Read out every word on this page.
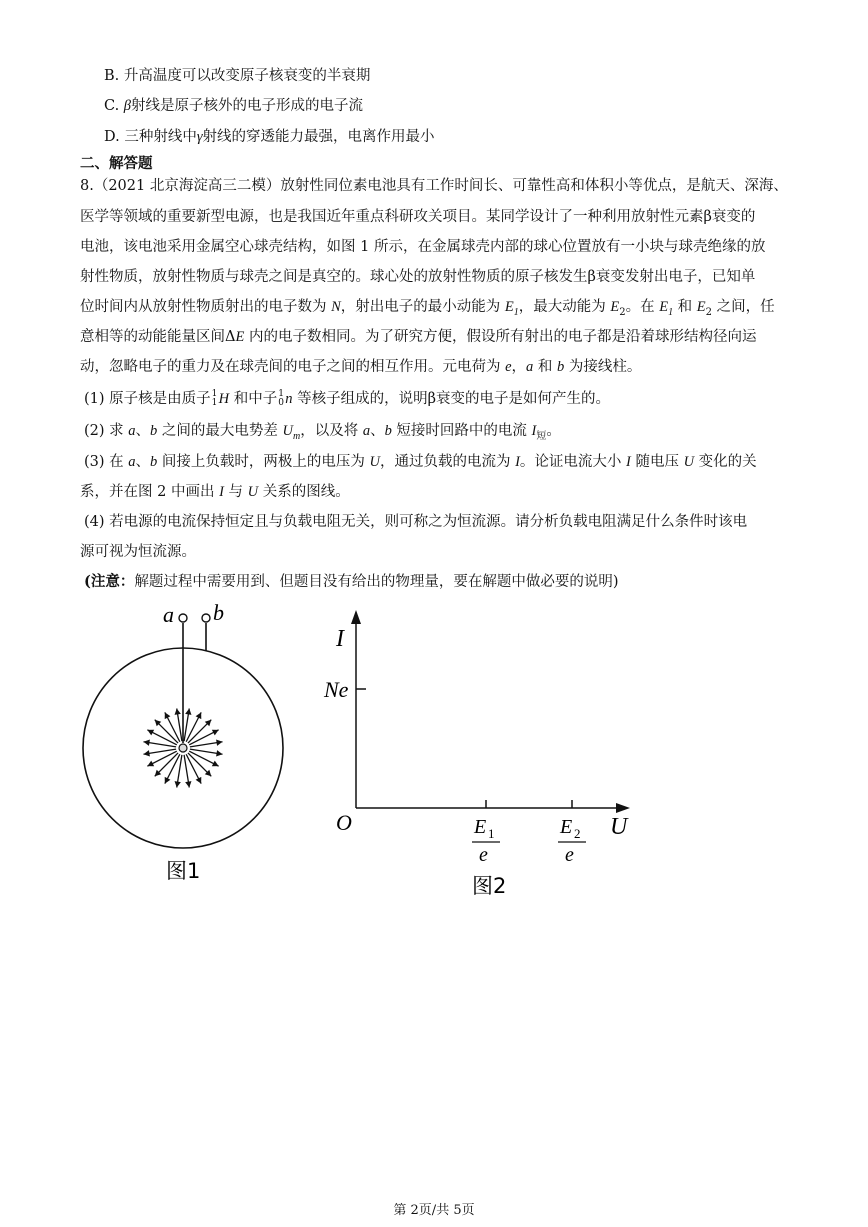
B. 升高温度可以改变原子核衰变的半衰期
C. β射线是原子核外的电子形成的电子流
D. 三种射线中γ射线的穿透能力最强，电离作用最小
二、解答题
8.（2021 北京海淀高三二模）放射性同位素电池具有工作时间长、可靠性高和体积小等优点，是航天、深海、
医学等领域的重要新型电源，也是我国近年重点科研攻关项目。某同学设计了一种利用放射性元素β衰变的
电池，该电池采用金属空心球壳结构，如图 1 所示，在金属球壳内部的球心位置放有一小块与球壳绝缘的放
射性物质，放射性物质与球壳之间是真空的。球心处的放射性物质的原子核发生β衰变发射出电子，已知单
位时间内从放射性物质射出的电子数为 N，射出电子的最小动能为 $E_1$，最大动能为 $E_2$。在 $E_1$ 和 $E_2$ 之间，任
意相等的动能能量区间ΔE 内的电子数相同。为了研究方便，假设所有射出的电子都是沿着球形结构径向运
动，忽略电子的重力及在球壳间的电子之间的相互作用。元电荷为 e，a 和 b 为接线柱。
(1) 原子核是由质子 1
1 H 和中子 1
0 n 等核子组成的，说明β衰变的电子是如何产生的。
(2) 求 a、b 之间的最大电势差 $U_m$，以及将 a、b 短接时回路中的电流 $I_短$。
(3) 在 a、b 间接上负载时，两极上的电压为 U，通过负载的电流为 I。论证电流大小 I 随电压 U 变化的关
系，并在图 2 中画出 I 与 U 关系的图线。
(4) 若电源的电流保持恒定且与负载电阻无关，则可称之为恒流源。请分析负载电阻满足什么条件时该电
源可视为恒流源。
(注意：解题过程中需要用到、但题目没有给出的物理量，要在解题中做必要的说明)
a b
图1
I
Ne
O	U
E 1
e
E 2
e
图2
第 2页/共 5页
